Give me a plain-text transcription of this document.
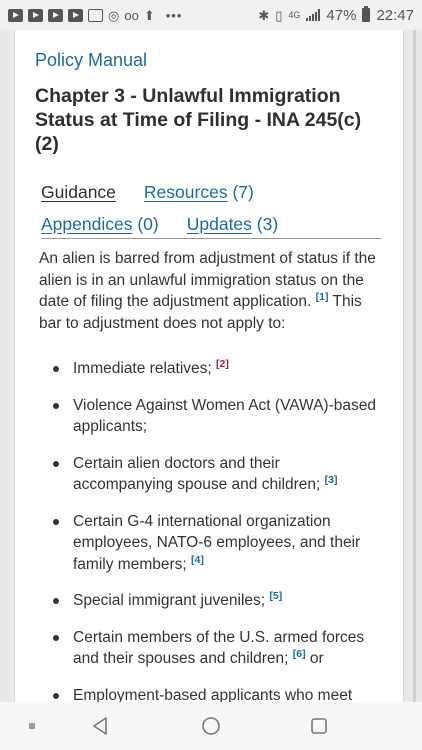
◎ oo ⬆ •••	✱ ▯ 4G 47% 22:47
Policy Manual
Chapter 3 - Unlawful Immigration Status at Time of Filing - INA 245(c) (2)
Guidance Resources (7)
Appendices (0) Updates (3)

An alien is barred from adjustment of status if the alien is in an unlawful immigration status on the date of filing the adjustment application. [1] This bar to adjustment does not apply to:

Immediate relatives; [2]
Violence Against Women Act (VAWA)-based applicants;
Certain alien doctors and their accompanying spouse and children; [3]
Certain G-4 international organization employees, NATO-6 employees, and their family members; [4]
Special immigrant juveniles; [5]
Certain members of the U.S. armed forces and their spouses and children; [6] or
Employment-based applicants who meet
